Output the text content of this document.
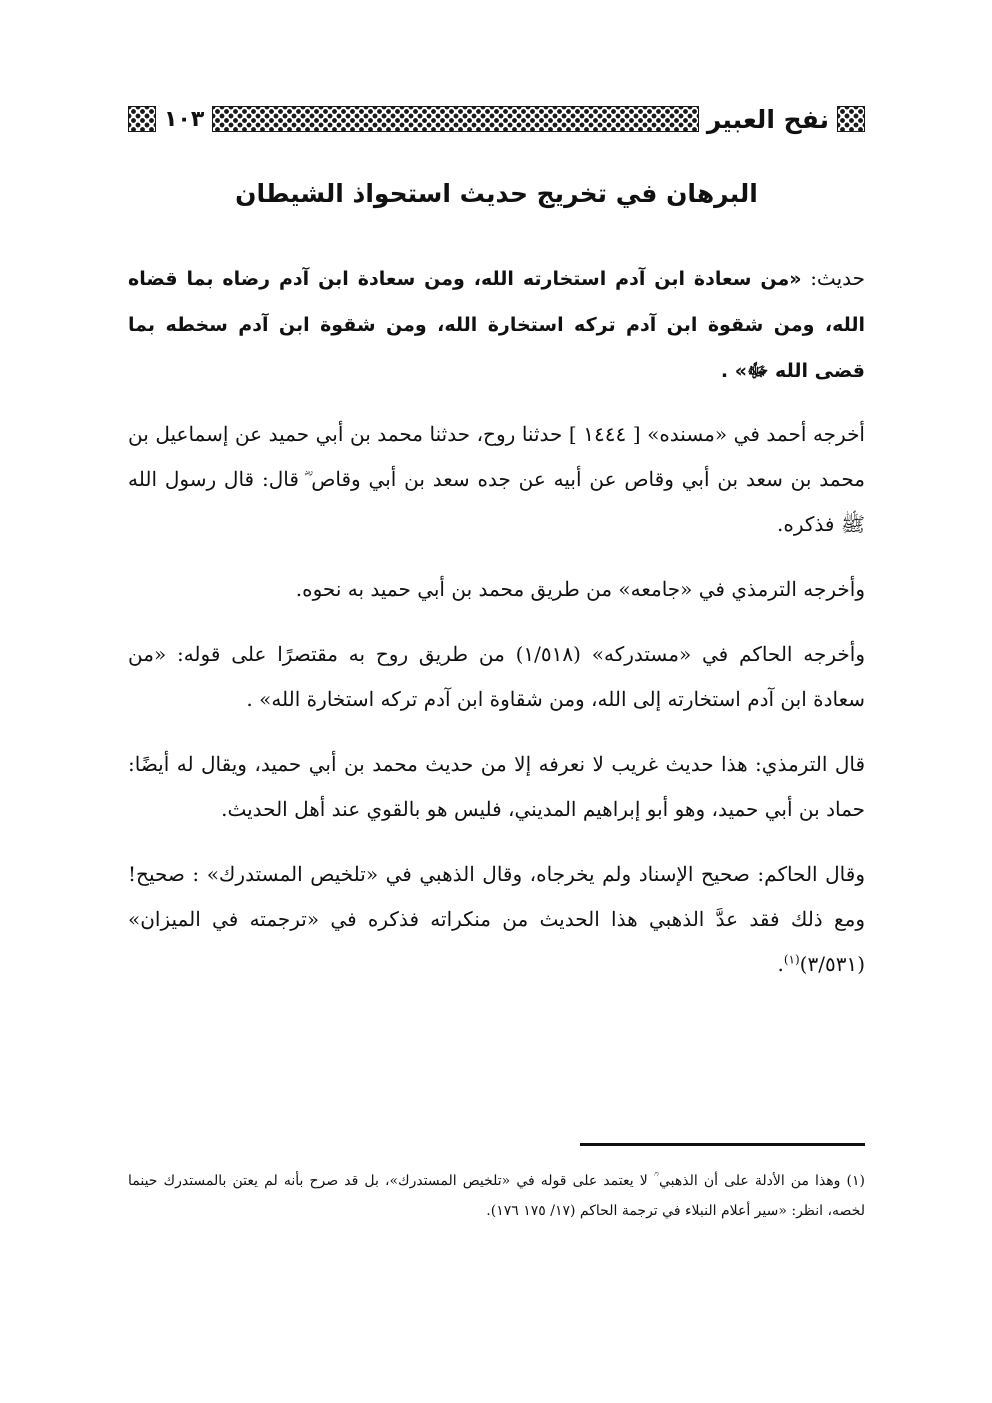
نفح العبير
١٠٣
البرهان في تخريج حديث استحواذ الشيطان

حديث: «من سعادة ابن آدم استخارته الله، ومن سعادة ابن آدم رضاه بما قضاه الله، ومن شقوة ابن آدم تركه استخارة الله، ومن شقوة ابن آدم سخطه بما قضى الله ﷻ» .

أخرجه أحمد في «مسنده» [ ١٤٤٤ ] حدثنا روح، حدثنا محمد بن أبي حميد عن إسماعيل بن محمد بن سعد بن أبي وقاص عن أبيه عن جده سعد بن أبي وقاص ؓ قال: قال رسول الله ﷺ فذكره.

وأخرجه الترمذي في «جامعه» من طريق محمد بن أبي حميد به نحوه.

وأخرجه الحاكم في «مستدركه» (١/٥١٨) من طريق روح به مقتصرًا على قوله: «من سعادة ابن آدم استخارته إلى الله، ومن شقاوة ابن آدم تركه استخارة الله» .

قال الترمذي: هذا حديث غريب لا نعرفه إلا من حديث محمد بن أبي حميد، ويقال له أيضًا: حماد بن أبي حميد، وهو أبو إبراهيم المديني، فليس هو بالقوي عند أهل الحديث.

وقال الحاكم: صحيح الإسناد ولم يخرجاه، وقال الذهبي في «تلخيص المستدرك» : صحيح! ومع ذلك فقد عدَّ الذهبي هذا الحديث من منكراته فذكره في «ترجمته في الميزان» (٣/٥٣١)$^{(١)}$.

(١) وهذا من الأدلة على أن الذهبي ؒ لا يعتمد على قوله في «تلخيص المستدرك»، بل قد صرح بأنه لم يعتن بالمستدرك حينما لخصه، انظر: «سير أعلام النبلاء في ترجمة الحاكم (١٧/ ١٧٥ ١٧٦).
